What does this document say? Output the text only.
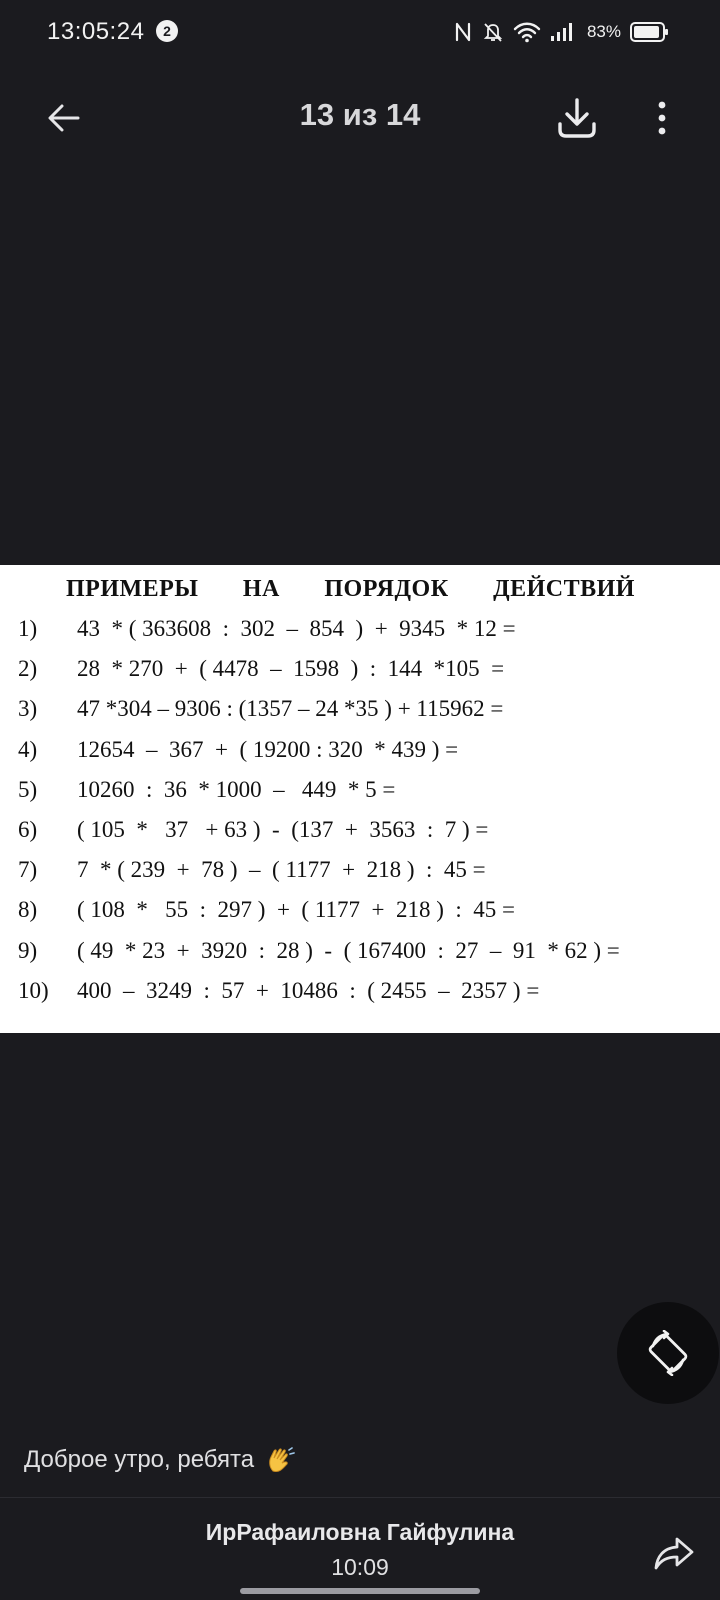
13:05:24	2	83%
13 из 14
ПРИМЕРЫ НА ПОРЯДОК ДЕЙСТВИЙ
1) 43  * ( 363608  :  302  –  854  )  +  9345  * 12 =
2) 28  * 270  +  ( 4478  –  1598  )  :  144  *105  =
3) 47 *304 – 9306 : (1357 – 24 *35 ) + 115962 =
4) 12654  –  367  +  ( 19200 : 320  * 439 ) =
5) 10260  :  36  * 1000  –   449  * 5 =
6) ( 105  *   37   + 63 )  -  (137  +  3563  :  7 ) =
7) 7  * ( 239  +  78 )  –  ( 1177  +  218 )  :  45 =
8) ( 108  *   55  :  297 )  +  ( 1177  +  218 )  :  45 =
9) ( 49  * 23  +  3920  :  28 )  -  ( 167400  :  27  –  91  * 62 ) =
10) 400  –  3249  :  57  +  10486  :  ( 2455  –  2357 ) =
Доброе утро, ребята
ИрРафаиловна Гайфулина
10:09
